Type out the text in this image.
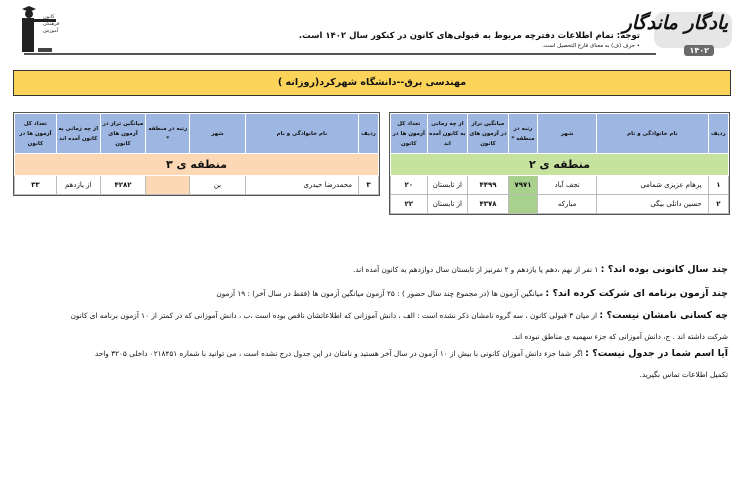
کانون
فرهنگی
آموزش	توجه: تمام اطلاعات دفترچه مربوط به قبولی‌های کانون در کنکور سال ۱۴۰۲ است.
• حرف (ف) به معنای فارغ التحصیل است.
یادگار ماندگار
۱۴۰۲
مهندسی برق--دانشگاه شهرکرد(روزانه )
ردیف	نام خانوادگی و نام	شهر	رتبه در منطقه *	میانگین تراز در آزمون های کانون	از چه زمانی به کانون آمده اند	تعداد کل آزمون ها در کانون
منطقه ی ۲						
۱	پرهام عزیزی شمامی	نجف آباد	۷۹۷۱	۴۴۹۹	از تابستان	۲۰
۲	حسین داتلی بیگی	مبارکه		۴۳۷۸	از تابستان	۲۲
ردیف	نام خانوادگی و نام	شهر	رتبه در منطقه *	میانگین تراز در آزمون های کانون	از چه زمانی به کانون آمده اند	تعداد کل آزمون ها در کانون
منطقه ی ۳						
۳	محمدرضا حیدری	بن		۴۲۸۲	از یازدهم	۳۳
چند سال کانونی بوده اند؟ : ۱ نفر از نهم ،دهم یا یازدهم و ۲ نفرنیز از تابستان سال دوازدهم به کانون آمده اند.
چند آزمون برنامه ای شرکت کرده اند؟ : میانگین آزمون ها (در مجموع چند سال حضور ) : ۲۵ آزمون میانگین آزمون ها (فقط در سال آخر) : ۱۹ آزمون
چه کسانی نامشان نیست؟ : از میان ۳ قبولی کانون ، سه گروه نامشان ذکر نشده است : الف ، دانش آموزانی که اطلاعاتشان ناقص بوده است ،ب ، دانش آموزانی که در کمتر از ۱۰ آزمون برنامه ای کانون
شرکت داشته اند . ج، دانش آموزانی که جزء سهمیه ی مناطق نبوده اند.
آیا اسم شما در جدول نیست؟ : اگر شما جزء دانش آموزان کانونی با بیش از ۱۰ آزمون در سال آخر هستید و نامتان در این جدول درج نشده است ، می توانید با شماره ۰۲۱۸۴۵۱ داخلی ۳۲۰۵ واحد
تکمیل اطلاعات تماس بگیرید.
